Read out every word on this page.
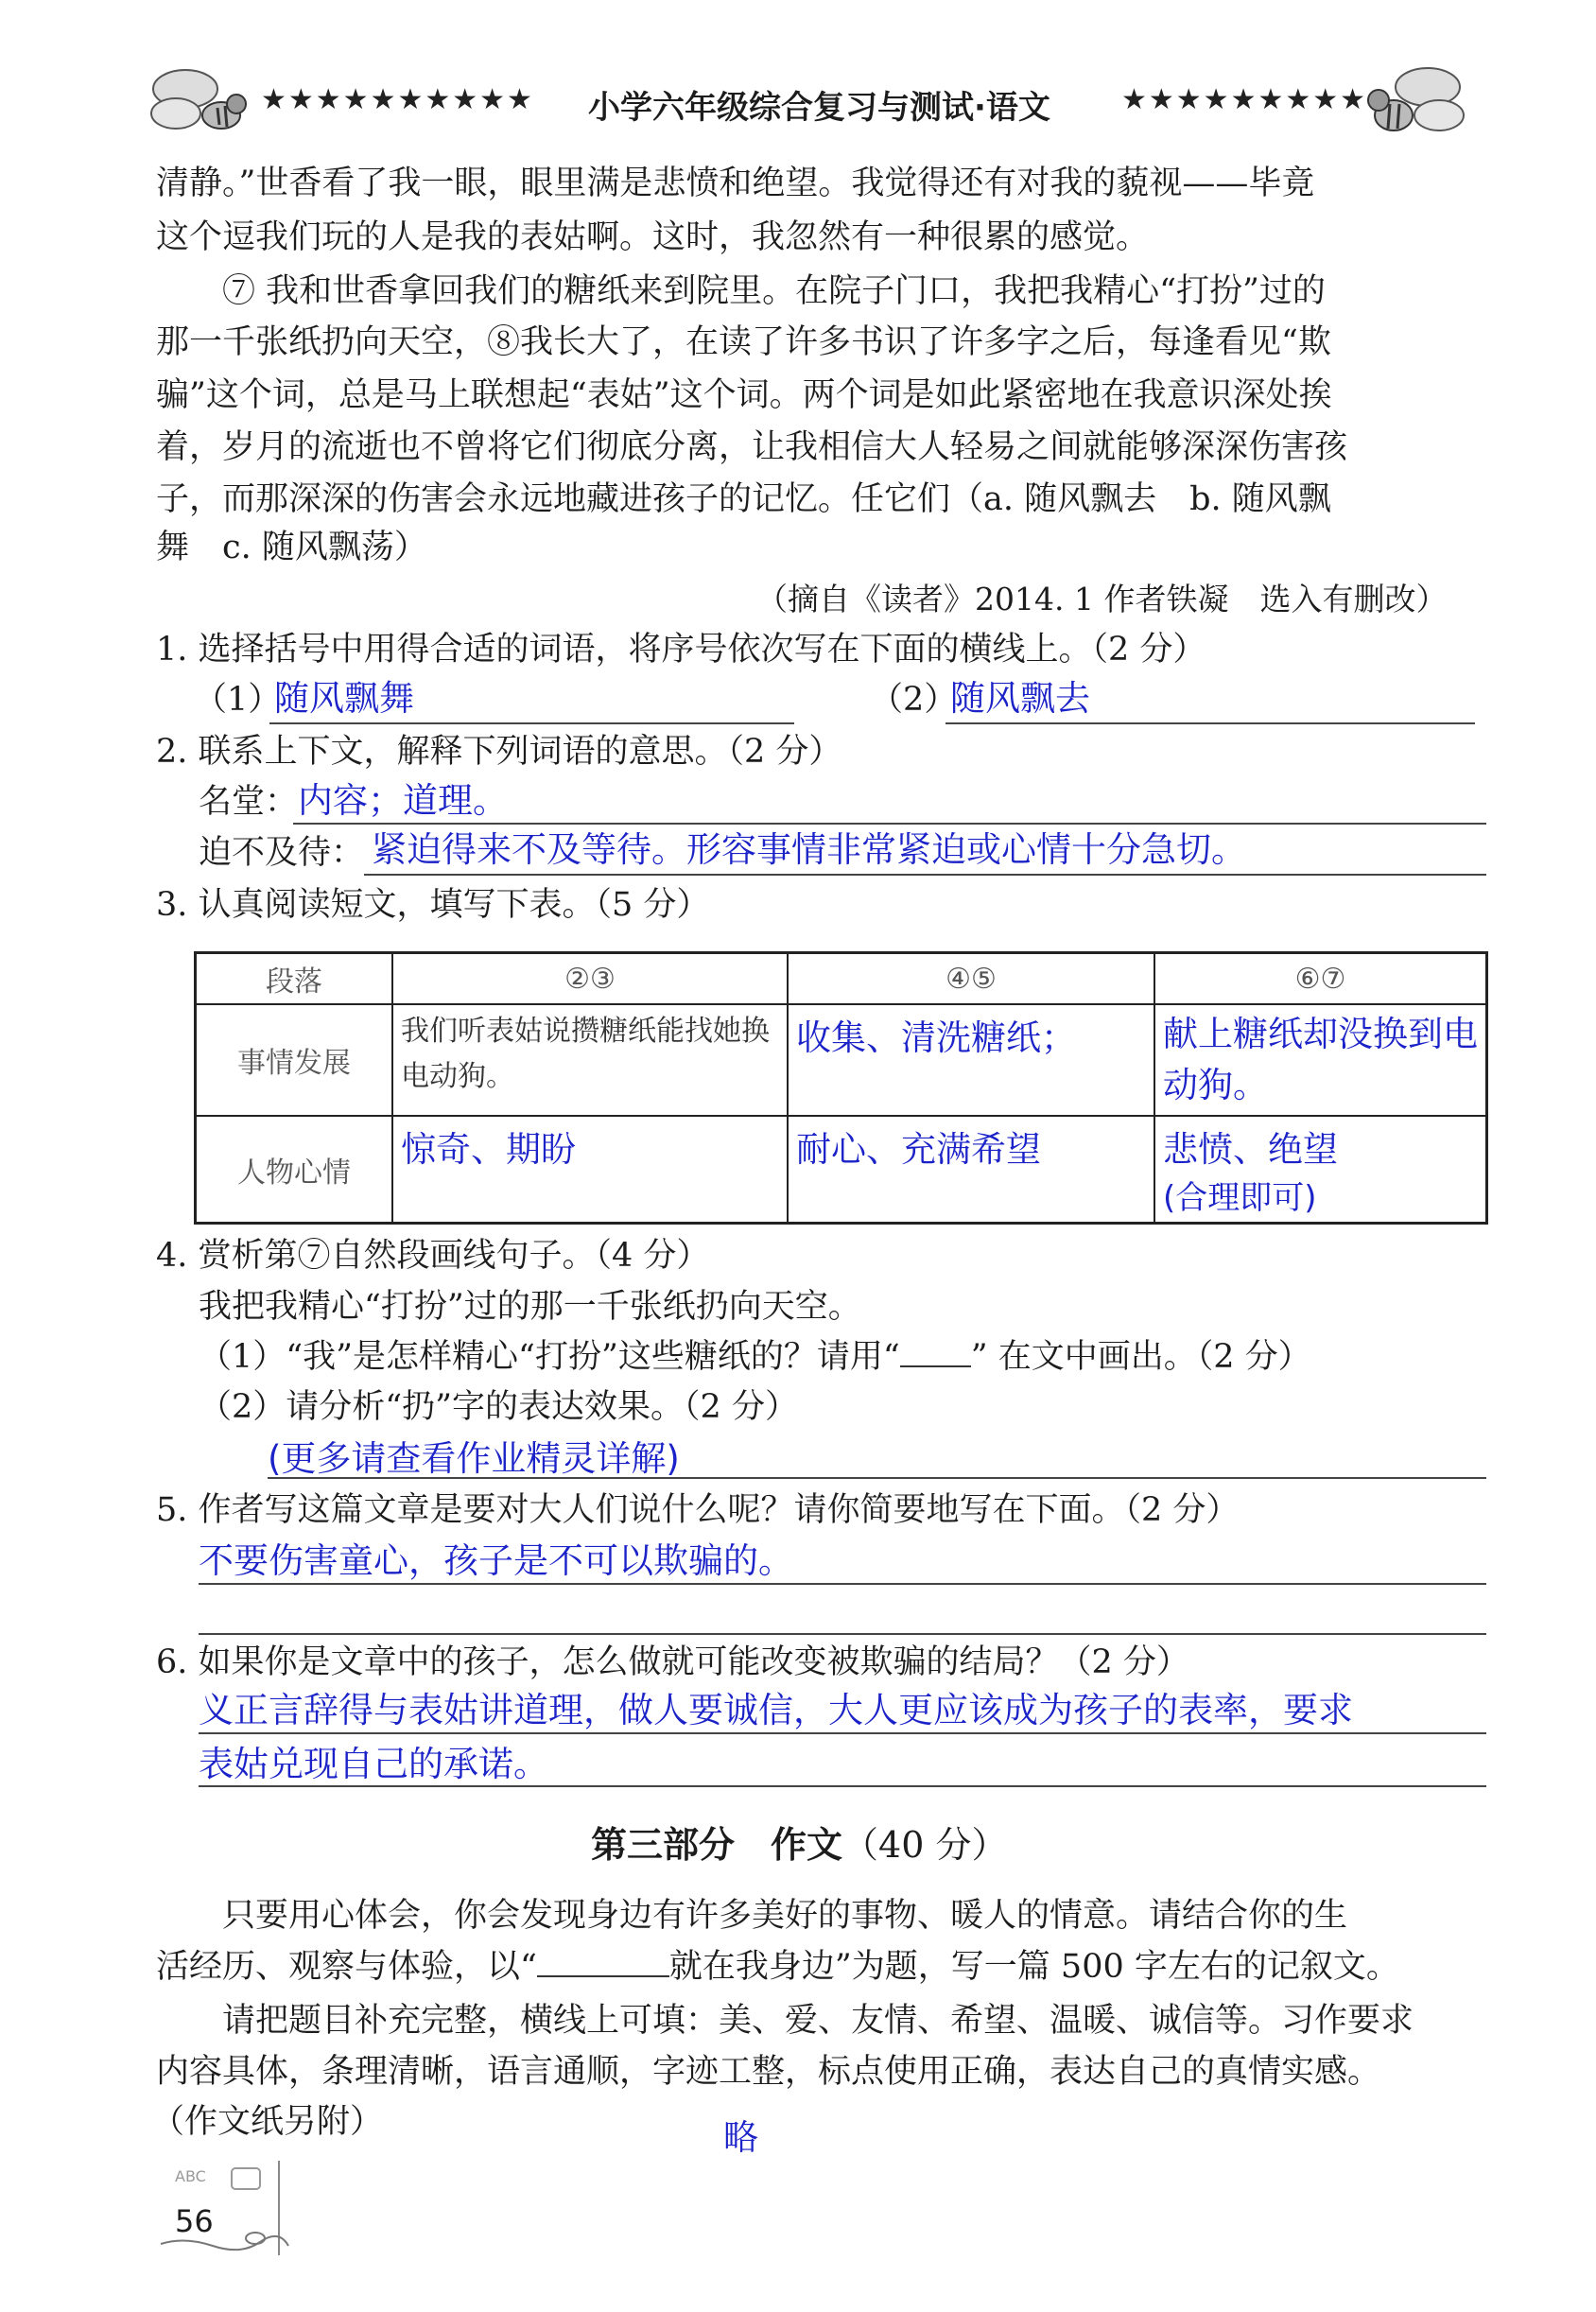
★★★★★★★★★★ 小学六年级综合复习与测试·语文	★★★★★★★★★
清静。”世香看了我一眼，眼里满是悲愤和绝望。我觉得还有对我的藐视——毕竟
这个逗我们玩的人是我的表姑啊。这时，我忽然有一种很累的感觉。
⑦ 我和世香拿回我们的糖纸来到院里。在院子门口，我把我精心“打扮”过的
那一千张纸扔向天空，⑧我长大了，在读了许多书识了许多字之后，每逢看见“欺
骗”这个词，总是马上联想起“表姑”这个词。两个词是如此紧密地在我意识深处挨
着，岁月的流逝也不曾将它们彻底分离，让我相信大人轻易之间就能够深深伤害孩
子，而那深深的伤害会永远地藏进孩子的记忆。任它们（a. 随风飘去　b. 随风飘
舞　c. 随风飘荡）
（摘自《读者》2014. 1 作者铁凝　选入有删改）
1. 选择括号中用得合适的词语，将序号依次写在下面的横线上。（2 分）
（1）
随风飘舞	（2）
随风飘去
2. 联系上下文，解释下列词语的意思。（2 分）
名堂： 内容；道理。
迫不及待： 紧迫得来不及等待。形容事情非常紧迫或心情十分急切。
3. 认真阅读短文，填写下表。（5 分）
段落	②③	④⑤	⑥⑦
事情发展	我们听表姑说攒糖纸能找她换电动狗。	收集、清洗糖纸；	献上糖纸却没换到电动狗。
人物心情	惊奇、期盼	耐心、充满希望	悲愤、绝望
(合理即可)
4. 赏析第⑦自然段画线句子。（4 分）
我把我精心“打扮”过的那一千张纸扔向天空。
（1）“我”是怎样精心“打扮”这些糖纸的？请用“ ” 在文中画出。（2 分）
（2）请分析“扔”字的表达效果。（2 分）
(更多请查看作业精灵详解)
5. 作者写这篇文章是要对大人们说什么呢？请你简要地写在下面。（2 分）
不要伤害童心，孩子是不可以欺骗的。
6. 如果你是文章中的孩子，怎么做就可能改变被欺骗的结局？（2 分）
义正言辞得与表姑讲道理，做人要诚信，大人更应该成为孩子的表率，要求
表姑兑现自己的承诺。
第三部分　作文（40 分）
只要用心体会，你会发现身边有许多美好的事物、暖人的情意。请结合你的生
活经历、观察与体验，以“	就在我身边”为题，写一篇 500 字左右的记叙文。
请把题目补充完整，横线上可填：美、爱、友情、希望、温暖、诚信等。习作要求
内容具体，条理清晰，语言通顺，字迹工整，标点使用正确，表达自己的真情实感。
（作文纸另附）	略
ABC
56
